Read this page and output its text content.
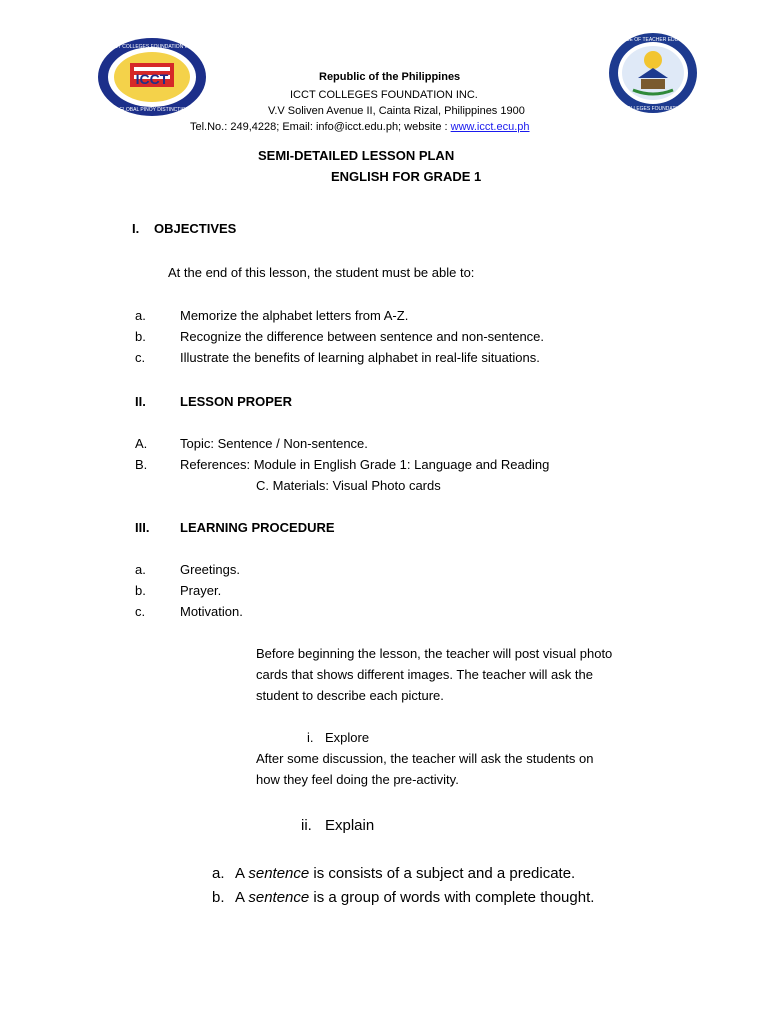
ICCT
ICCT COLLEGES FOUNDATION INC.
A GLOBAL PINOY DISTINCTION
COLLEGE OF TEACHER EDUCATION
ICCT COLLEGES FOUNDATION INC.
Republic of the Philippines
ICCT COLLEGES FOUNDATION INC.
V.V Soliven Avenue II, Cainta Rizal, Philippines 1900
Tel.No.: 249,4228; Email: info@icct.edu.ph; website : www.icct.ecu.ph
SEMI-DETAILED LESSON PLAN
ENGLISH FOR GRADE 1
I. OBJECTIVES
At the end of this lesson, the student must be able to:
a.	Memorize the alphabet letters from A-Z.
b.	Recognize the difference between sentence and non-sentence.
c.	Illustrate the benefits of learning alphabet in real-life situations.
II.	LESSON PROPER
A.	Topic: Sentence / Non-sentence.
B.	References: Module in English Grade 1: Language and Reading
C. Materials: Visual Photo cards
III. LEARNING PROCEDURE
a.	Greetings.
b.	Prayer.
c.	Motivation.
Before beginning the lesson, the teacher will post visual photo
cards that shows different images. The teacher will ask the
student to describe each picture.
i. Explore
After some discussion, the teacher will ask the students on
how they feel doing the pre-activity.
ii. Explain
a. A sentence is consists of a subject and a predicate.
b. A sentence is a group of words with complete thought.
